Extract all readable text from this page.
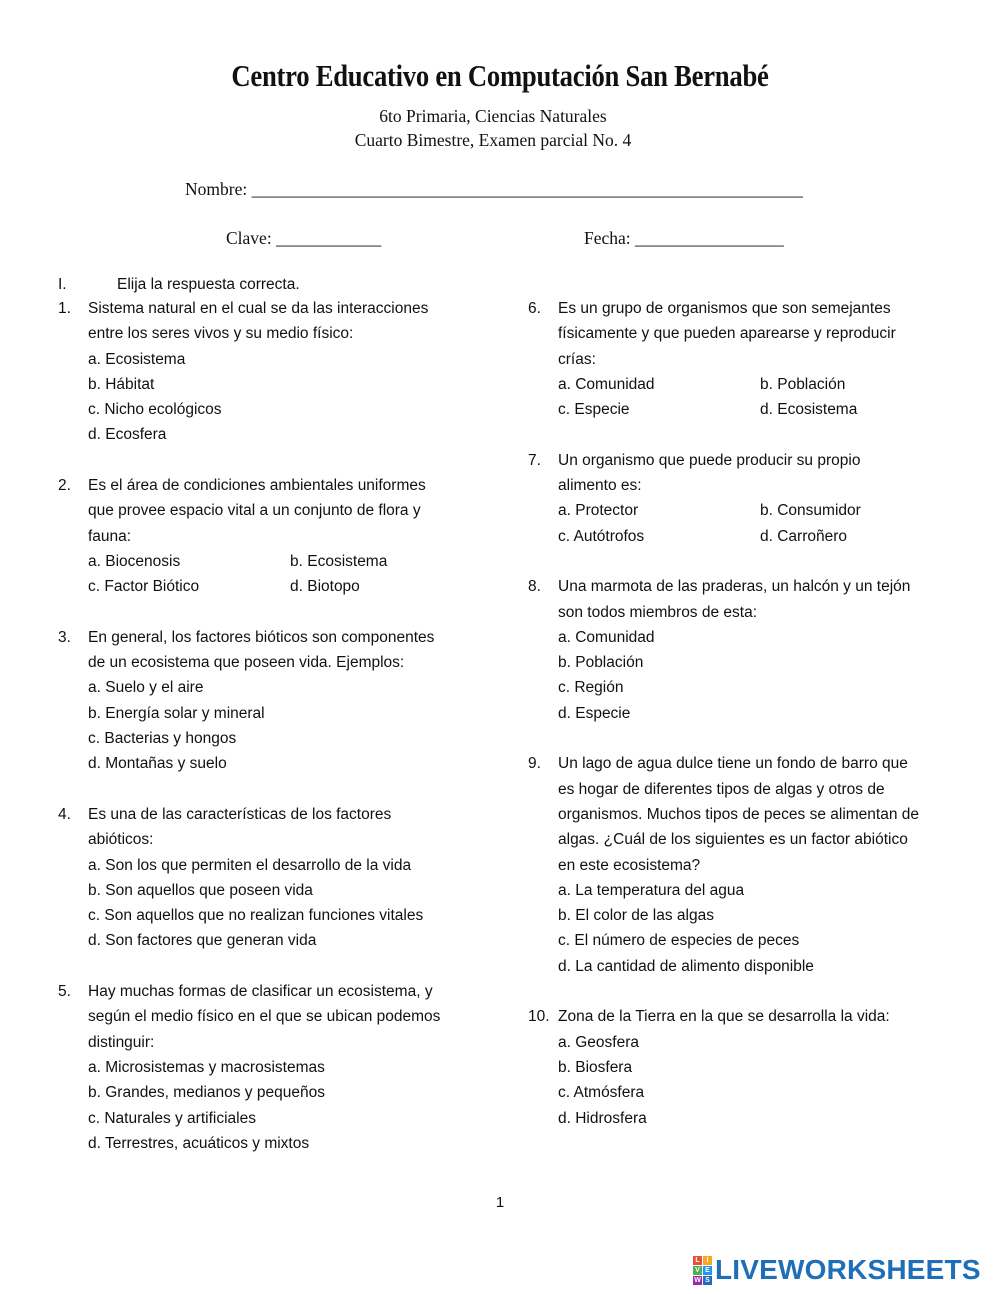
Centro Educativo en Computación San Bernabé
6to Primaria, Ciencias Naturales
Cuarto Bimestre, Examen parcial No. 4
Nombre: _______________________________________________________________
Clave: ____________	Fecha: _________________
I.	Elija la respuesta correcta.
1. Sistema natural en el cual se da las interacciones
entre los seres vivos y su medio físico:
a. Ecosistema
b. Hábitat
c. Nicho ecológicos
d. Ecosfera
2. Es el área de condiciones ambientales uniformes
que provee espacio vital a un conjunto de flora y
fauna:
a. Biocenosis	b. Ecosistema
c. Factor Biótico	d. Biotopo
3. En general, los factores bióticos son componentes
de un ecosistema que poseen vida. Ejemplos:
a. Suelo y el aire
b. Energía solar y mineral
c. Bacterias y hongos
d. Montañas y suelo
4. Es una de las características de los factores
abióticos:
a. Son los que permiten el desarrollo de la vida
b. Son aquellos que poseen vida
c. Son aquellos que no realizan funciones vitales
d. Son factores que generan vida
5. Hay muchas formas de clasificar un ecosistema, y
según el medio físico en el que se ubican podemos
distinguir:
a. Microsistemas y macrosistemas
b. Grandes, medianos y pequeños
c. Naturales y artificiales
d. Terrestres, acuáticos y mixtos
6. Es un grupo de organismos que son semejantes
físicamente y que pueden aparearse y reproducir
crías:
a. Comunidad	b. Población
c. Especie	d. Ecosistema
7. Un organismo que puede producir su propio
alimento es:
a. Protector	b. Consumidor
c. Autótrofos	d. Carroñero
8. Una marmota de las praderas, un halcón y un tejón
son todos miembros de esta:
a. Comunidad
b. Población
c. Región
d. Especie
9. Un lago de agua dulce tiene un fondo de barro que
es hogar de diferentes tipos de algas y otros de
organismos. Muchos tipos de peces se alimentan de
algas. ¿Cuál de los siguientes es un factor abiótico
en este ecosistema?
a. La temperatura del agua
b. El color de las algas
c. El número de especies de peces
d. La cantidad de alimento disponible
10. Zona de la Tierra en la que se desarrolla la vida:
a. Geosfera
b. Biosfera
c. Atmósfera
d. Hidrosfera
1
L I
V E
W S LIVEWORKSHEETS
